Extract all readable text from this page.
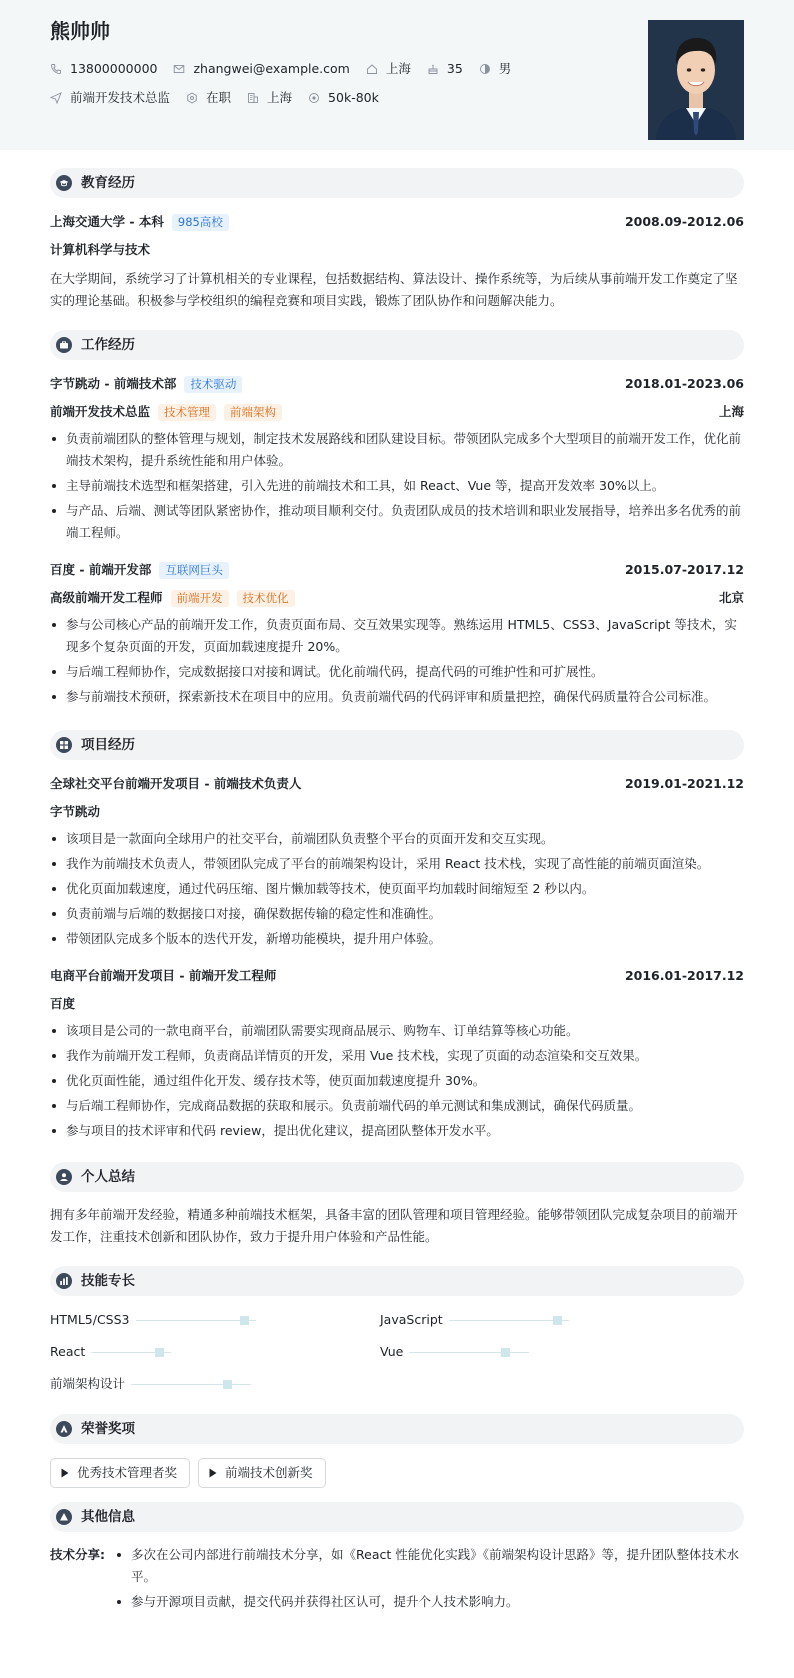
熊帅帅
13800000000	zhangwei@example.com	上海	35	男
前端开发技术总监	在职	上海	50k-80k
教育经历
上海交通大学 - 本科	985高校	2008.09-2012.06
计算机科学与技术
在大学期间，系统学习了计算机相关的专业课程，包括数据结构、算法设计、操作系统等，为后续从事前端开发工作奠定了坚实的理论基础。积极参与学校组织的编程竞赛和项目实践，锻炼了团队协作和问题解决能力。
工作经历
字节跳动 - 前端技术部	技术驱动	2018.01-2023.06
前端开发技术总监	技术管理	前端架构	上海
负责前端团队的整体管理与规划，制定技术发展路线和团队建设目标。带领团队完成多个大型项目的前端开发工作，优化前端技术架构，提升系统性能和用户体验。
主导前端技术选型和框架搭建，引入先进的前端技术和工具，如 React、Vue 等，提高开发效率 30%以上。
与产品、后端、测试等团队紧密协作，推动项目顺利交付。负责团队成员的技术培训和职业发展指导，培养出多名优秀的前端工程师。
百度 - 前端开发部	互联网巨头	2015.07-2017.12
高级前端开发工程师	前端开发	技术优化	北京
参与公司核心产品的前端开发工作，负责页面布局、交互效果实现等。熟练运用 HTML5、CSS3、JavaScript 等技术，实现多个复杂页面的开发，页面加载速度提升 20%。
与后端工程师协作，完成数据接口对接和调试。优化前端代码，提高代码的可维护性和可扩展性。
参与前端技术预研，探索新技术在项目中的应用。负责前端代码的代码评审和质量把控，确保代码质量符合公司标准。
项目经历
全球社交平台前端开发项目 - 前端技术负责人	2019.01-2021.12
字节跳动
该项目是一款面向全球用户的社交平台，前端团队负责整个平台的页面开发和交互实现。
我作为前端技术负责人，带领团队完成了平台的前端架构设计，采用 React 技术栈，实现了高性能的前端页面渲染。
优化页面加载速度，通过代码压缩、图片懒加载等技术，使页面平均加载时间缩短至 2 秒以内。
负责前端与后端的数据接口对接，确保数据传输的稳定性和准确性。
带领团队完成多个版本的迭代开发，新增功能模块，提升用户体验。
电商平台前端开发项目 - 前端开发工程师	2016.01-2017.12
百度
该项目是公司的一款电商平台，前端团队需要实现商品展示、购物车、订单结算等核心功能。
我作为前端开发工程师，负责商品详情页的开发，采用 Vue 技术栈，实现了页面的动态渲染和交互效果。
优化页面性能，通过组件化开发、缓存技术等，使页面加载速度提升 30%。
与后端工程师协作，完成商品数据的获取和展示。负责前端代码的单元测试和集成测试，确保代码质量。
参与项目的技术评审和代码 review，提出优化建议，提高团队整体开发水平。
个人总结
拥有多年前端开发经验，精通多种前端技术框架，具备丰富的团队管理和项目管理经验。能够带领团队完成复杂项目的前端开发工作，注重技术创新和团队协作，致力于提升用户体验和产品性能。
技能专长
HTML5/CSS3	JavaScript
React	Vue
前端架构设计
荣誉奖项
优秀技术管理者奖	前端技术创新奖
其他信息
技术分享:	多次在公司内部进行前端技术分享，如《React 性能优化实践》《前端架构设计思路》等，提升团队整体技术水平。
参与开源项目贡献，提交代码并获得社区认可，提升个人技术影响力。
